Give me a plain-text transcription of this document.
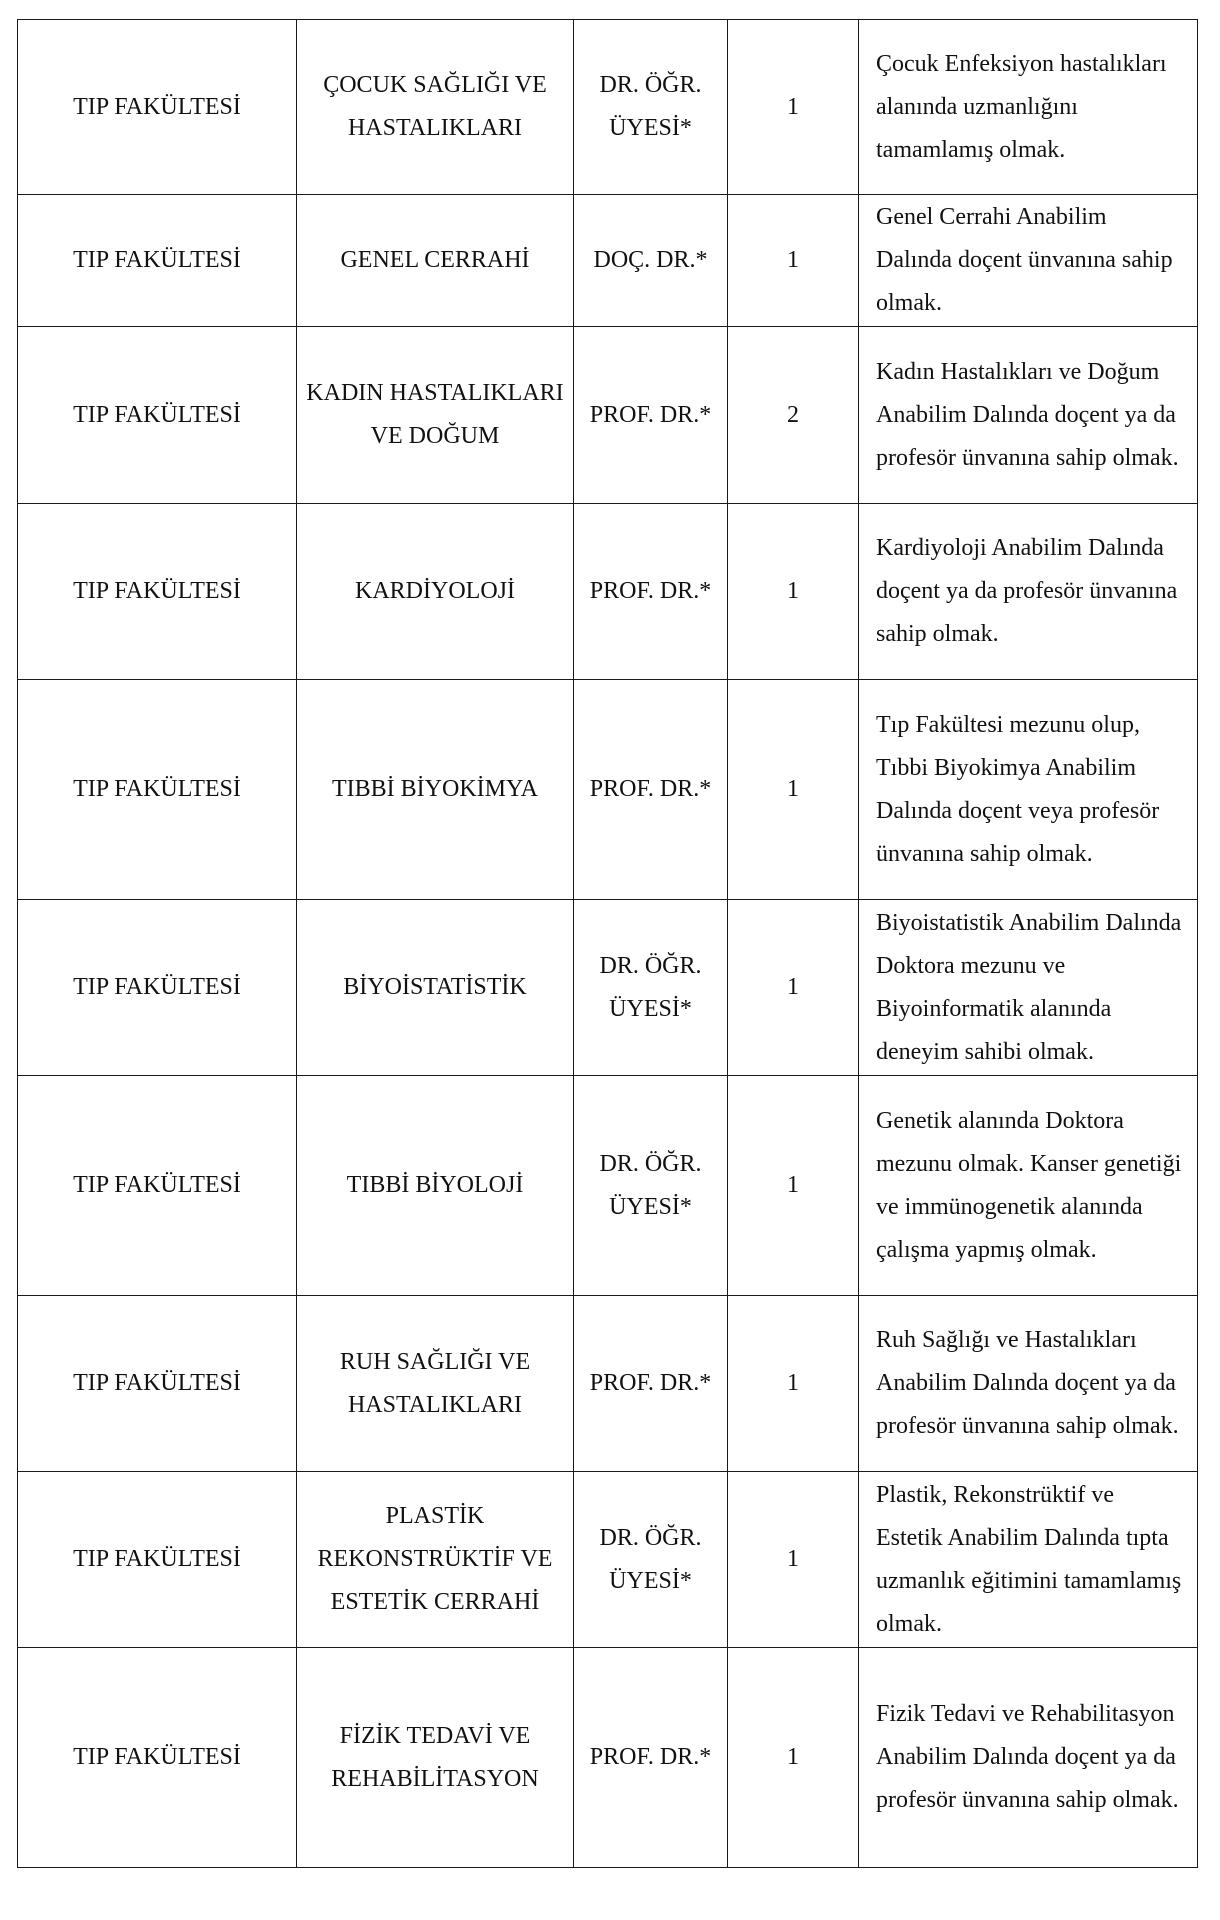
TIP FAKÜLTESİ	ÇOCUK SAĞLIĞI VE HASTALIKLARI	DR. ÖĞR. ÜYESİ*	1	Çocuk Enfeksiyon hastalıkları alanında uzmanlığını tamamlamış olmak.

TIP FAKÜLTESİ	GENEL CERRAHİ	DOÇ. DR.*	1	Genel Cerrahi Anabilim Dalında doçent ünvanına sahip olmak.

TIP FAKÜLTESİ	KADIN HASTALIKLARI VE DOĞUM	PROF. DR.*	2	Kadın Hastalıkları ve Doğum Anabilim Dalında doçent ya da profesör ünvanına sahip olmak.

TIP FAKÜLTESİ	KARDİYOLOJİ	PROF. DR.*	1	Kardiyoloji Anabilim Dalında doçent ya da profesör ünvanına sahip olmak.

TIP FAKÜLTESİ	TIBBİ BİYOKİMYA	PROF. DR.*	1	Tıp Fakültesi mezunu olup, Tıbbi Biyokimya Anabilim Dalında doçent veya profesör ünvanına sahip olmak.

TIP FAKÜLTESİ	BİYOİSTATİSTİK	DR. ÖĞR. ÜYESİ*	1	Biyoistatistik Anabilim Dalında Doktora mezunu ve Biyoinformatik alanında deneyim sahibi olmak.

TIP FAKÜLTESİ	TIBBİ BİYOLOJİ	DR. ÖĞR. ÜYESİ*	1	Genetik alanında Doktora mezunu olmak. Kanser genetiği ve immünogenetik alanında çalışma yapmış olmak.

TIP FAKÜLTESİ	RUH SAĞLIĞI VE HASTALIKLARI	PROF. DR.*	1	Ruh Sağlığı ve Hastalıkları Anabilim Dalında doçent ya da profesör ünvanına sahip olmak.

TIP FAKÜLTESİ	PLASTİK REKONSTRÜKTİF VE ESTETİK CERRAHİ	DR. ÖĞR. ÜYESİ*	1	Plastik, Rekonstrüktif ve Estetik Anabilim Dalında tıpta uzmanlık eğitimini tamamlamış olmak.

TIP FAKÜLTESİ	FİZİK TEDAVİ VE REHABİLİTASYON	PROF. DR.*	1	Fizik Tedavi ve Rehabilitasyon Anabilim Dalında doçent ya da profesör ünvanına sahip olmak.
